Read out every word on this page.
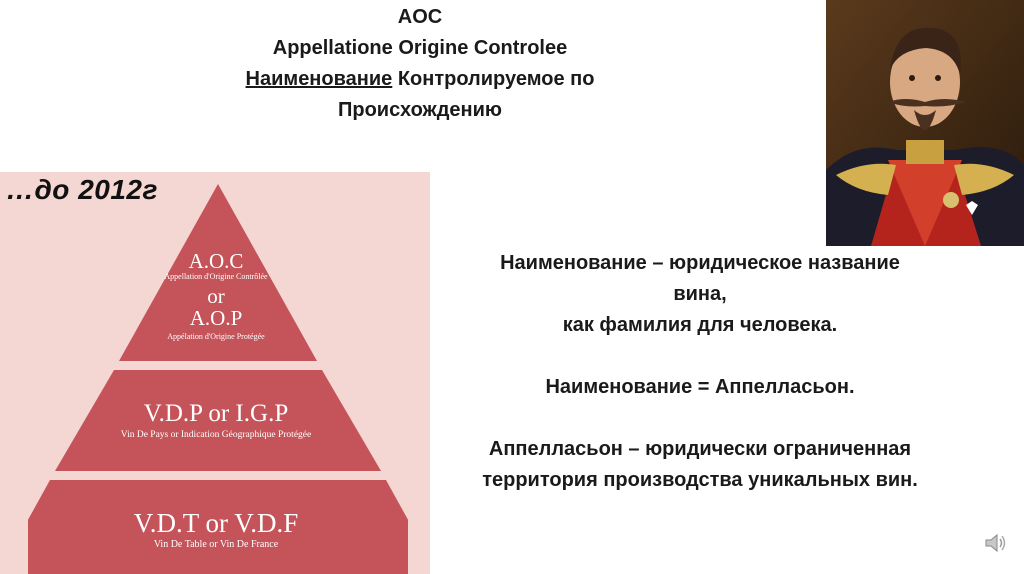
AOC
Appellatione Origine Controlee
Наименование Контролируемое по
Происхождению
…до 2012г
A.O.C
Appellation d'Origine Contrôlée
or
A.O.P
Appélation d'Origine Protégée
V.D.P or I.G.P
Vin De Pays or Indication Géographique Protégée
V.D.T or V.D.F
Vin De Table or Vin De France
Наименование – юридическое название
вина,
как фамилия для человека.
Наименование = Аппелласьон.
Аппелласьон – юридически ограниченная
территория производства уникальных вин.
